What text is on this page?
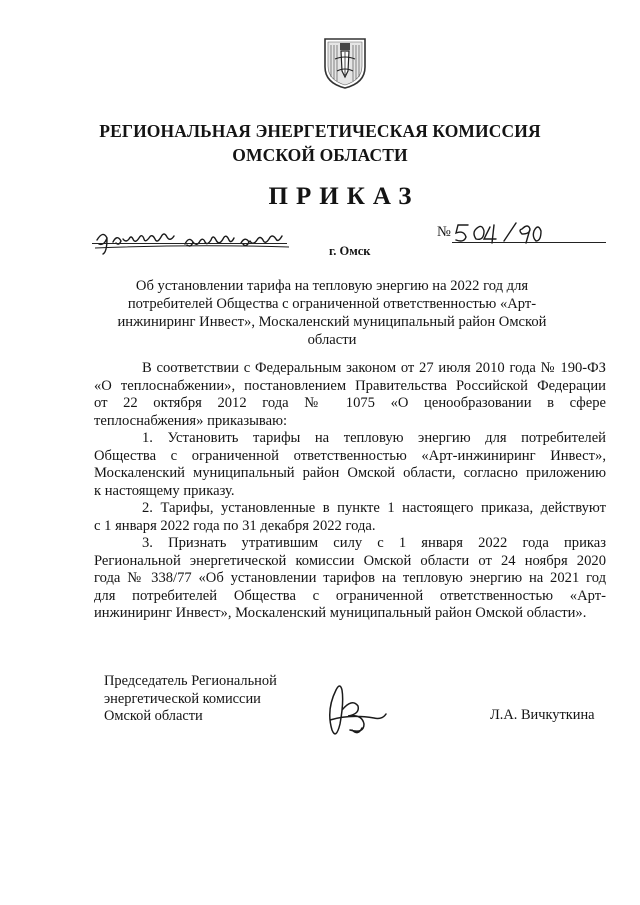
РЕГИОНАЛЬНАЯ ЭНЕРГЕТИЧЕСКАЯ КОМИССИЯ
ОМСКОЙ ОБЛАСТИ
ПРИКАЗ
г. Омск
№
Об установлении тарифа на тепловую энергию на 2022 год для
потребителей Общества с ограниченной ответственностью «Арт-
инжиниринг Инвест», Москаленский муниципальный район Омской
области
В соответствии с Федеральным законом от 27 июля 2010 года № 190-ФЗ
«О теплоснабжении», постановлением Правительства Российской Федерации
от 22 октября 2012 года № 1075 «О ценообразовании в сфере
теплоснабжения» приказываю:
1. Установить тарифы на тепловую энергию для потребителей
Общества с ограниченной ответственностью «Арт-инжиниринг Инвест»,
Москаленский муниципальный район Омской области, согласно приложению
к настоящему приказу.
2. Тарифы, установленные в пункте 1 настоящего приказа, действуют
с 1 января 2022 года по 31 декабря 2022 года.
3. Признать утратившим силу с 1 января 2022 года приказ
Региональной энергетической комиссии Омской области от 24 ноября 2020
года № 338/77 «Об установлении тарифов на тепловую энергию на 2021 год
для потребителей Общества с ограниченной ответственностью «Арт-
инжиниринг Инвест», Москаленский муниципальный район Омской области».
Председатель Региональной
энергетической комиссии
Омской области	Л.А. Вичкуткина
